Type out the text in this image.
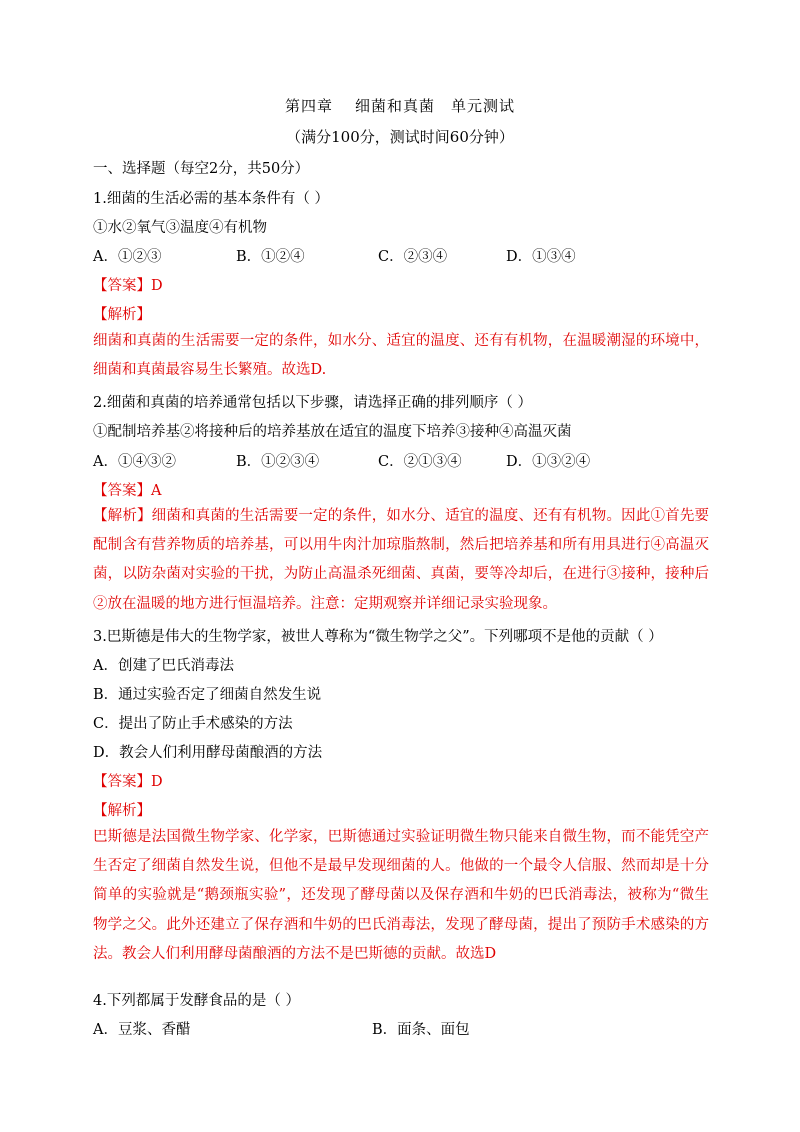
第四章 细菌和真菌 单元测试
（满分100分，测试时间60分钟）
一、选择题（每空2分，共50分）
1.细菌的生活必需的基本条件有（ ）
①水②氧气③温度④有机物
A．①②③	B．①②④	C．②③④	D．①③④
【答案】D
【解析】
细菌和真菌的生活需要一定的条件，如水分、适宜的温度、还有有机物，在温暖潮湿的环境中，细菌和真菌最容易生长繁殖。故选D.
2.细菌和真菌的培养通常包括以下步骤，请选择正确的排列顺序（ ）
①配制培养基②将接种后的培养基放在适宜的温度下培养③接种④高温灭菌
A．①④③②	B．①②③④	C．②①③④	D．①③②④
【答案】A
【解析】细菌和真菌的生活需要一定的条件，如水分、适宜的温度、还有有机物。因此①首先要配制含有营养物质的培养基，可以用牛肉汁加琼脂熬制，然后把培养基和所有用具进行④高温灭菌，以防杂菌对实验的干扰，为防止高温杀死细菌、真菌，要等冷却后，在进行③接种，接种后②放在温暖的地方进行恒温培养。注意：定期观察并详细记录实验现象。
3.巴斯德是伟大的生物学家，被世人尊称为“微生物学之父”。下列哪项不是他的贡献（ ）
A．创建了巴氏消毒法
B．通过实验否定了细菌自然发生说
C．提出了防止手术感染的方法
D．教会人们利用酵母菌酿酒的方法
【答案】D
【解析】
巴斯德是法国微生物学家、化学家，巴斯德通过实验证明微生物只能来自微生物，而不能凭空产生否定了细菌自然发生说，但他不是最早发现细菌的人。他做的一个最令人信服、然而却是十分简单的实验就是“鹅颈瓶实验”，还发现了酵母菌以及保存酒和牛奶的巴氏消毒法，被称为“微生物学之父。此外还建立了保存酒和牛奶的巴氏消毒法，发现了酵母菌，提出了预防手术感染的方法。教会人们利用酵母菌酿酒的方法不是巴斯德的贡献。故选D
4.下列都属于发酵食品的是（ ）
A．豆浆、香醋	B．面条、面包
